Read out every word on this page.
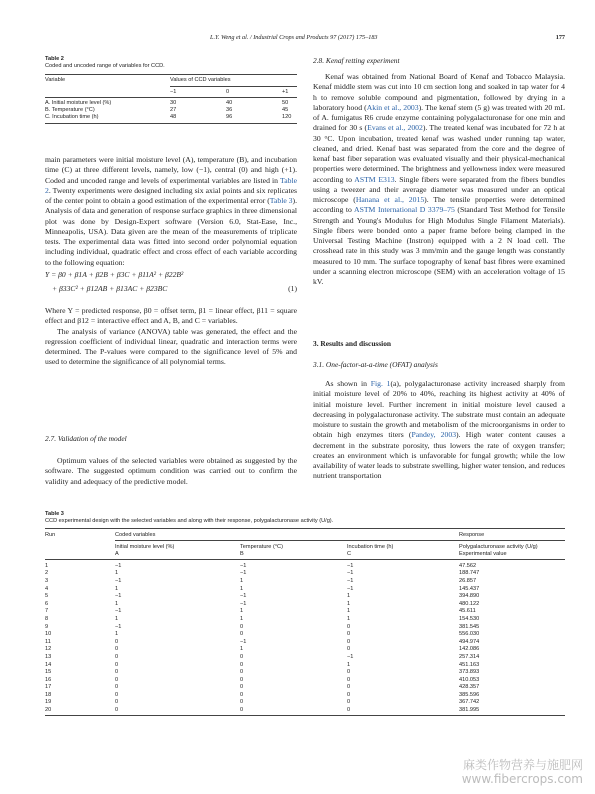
L.Y. Weng et al. / Industrial Crops and Products 97 (2017) 175–183	177
Table 2
Coded and uncoded range of variables for CCD.
Variable	Values of CCD variables		
	−1	0	+1

A. Initial moisture level (%)	30	40	50
B. Temperature (°C)	27	36	45
C. Incubation time (h)	48	96	120

main parameters were initial moisture level (A), temperature (B), and incubation time (C) at three different levels, namely, low (−1), central (0) and high (+1). Coded and uncoded range and levels of experimental variables are listed in Table 2. Twenty experiments were designed including six axial points and six replicates of the center point to obtain a good estimation of the experimental error (Table 3). Analysis of data and generation of response surface graphics in three dimensional plot was done by Design-Expert software (Version 6.0, Stat-Ease, Inc., Minneapolis, USA). Data given are the mean of the measurements of triplicate tests. The experimental data was fitted into second order polynomial equation including individual, quadratic effect and cross effect of each variable according to the following equation:

Y = β0 + β1A + β2B + β3C + β11A² + β22B²
+ β33C² + β12AB + β13AC + β23BC	(1)

Where Y = predicted response, β0 = offset term, β1 = linear effect, β11 = square effect and β12 = interactive effect and A, B, and C = variables.

The analysis of variance (ANOVA) table was generated, the effect and the regression coefficient of individual linear, quadratic and interaction terms were determined. The P-values were compared to the significance level of 5% and used to determine the significance of all polynomial terms.

2.7. Validation of the model

Optimum values of the selected variables were obtained as suggested by the software. The suggested optimum condition was carried out to confirm the validity and adequacy of the predictive model.

2.8. Kenaf retting experiment

Kenaf was obtained from National Board of Kenaf and Tobacco Malaysia. Kenaf middle stem was cut into 10 cm section long and soaked in tap water for 4 h to remove soluble compound and pigmentation, followed by drying in a laboratory hood (Akin et al., 2003). The kenaf stem (5 g) was treated with 20 mL of A. fumigatus R6 crude enzyme containing polygalacturonase for one min and drained for 30 s (Evans et al., 2002). The treated kenaf was incubated for 72 h at 30 °C. Upon incubation, treated kenaf was washed under running tap water, cleaned, and dried. Kenaf bast was separated from the core and the degree of kenaf bast fiber separation was evaluated visually and their physical-mechanical properties were determined. The brightness and yellowness index were measured according to ASTM E313. Single fibers were separated from the fibers bundles using a tweezer and their average diameter was measured under an optical microscope (Hanana et al., 2015). The tensile properties were determined according to ASTM International D 3379–75 (Standard Test Method for Tensile Strength and Young's Modulus for High Modulus Single Filament Materials). Single fibers were bonded onto a paper frame before being clamped in the Universal Testing Machine (Instron) equipped with a 2 N load cell. The crosshead rate in this study was 3 mm/min and the gauge length was constantly measured to 10 mm. The surface topography of kenaf bast fibres were examined under a scanning electron microscope (SEM) with an acceleration voltage of 15 kV.

3. Results and discussion
3.1. One-factor-at-a-time (OFAT) analysis

As shown in Fig. 1(a), polygalacturonase activity increased sharply from initial moisture level of 20% to 40%, reaching its highest activity at 40% of initial moisture level. Further increment in initial moisture level caused a decreasing in polygalacturonase activity. The substrate must contain an adequate moisture to sustain the growth and metabolism of the microorganisms in order to obtain high enzymes titers (Pandey, 2003). High water content causes a decrement in the substrate porosity, thus lowers the rate of oxygen transfer; creates an environment which is unfavorable for fungal growth; while the low availability of water leads to substrate swelling, higher water tension, and reduces nutrient transportation

Table 3
CCD experimental design with the selected variables and along with their response, polygalacturonase activity (U/g).
Run	Coded variables			Response

	Initial moisture level (%)	Temperature (°C)	Incubation time (h)	Polygalacturonase activity (U/g)
	A	B	C	Experimental value

1	−1	−1	−1	47.562
2	1	−1	−1	188.747
3	−1	1	−1	26.857
4	1	1	−1	145.437
5	−1	−1	1	394.890
6	1	−1	1	480.122
7	−1	1	1	45.611
8	1	1	1	154.530
9	−1	0	0	381.545
10	1	0	0	556.030
11	0	−1	0	494.974
12	0	1	0	142.086
13	0	0	−1	257.314
14	0	0	1	451.163
15	0	0	0	373.893
16	0	0	0	410.053
17	0	0	0	428.357
18	0	0	0	385.596
19	0	0	0	367.742
20	0	0	0	381.995
麻类作物营养与施肥网
www.fibercrops.com
